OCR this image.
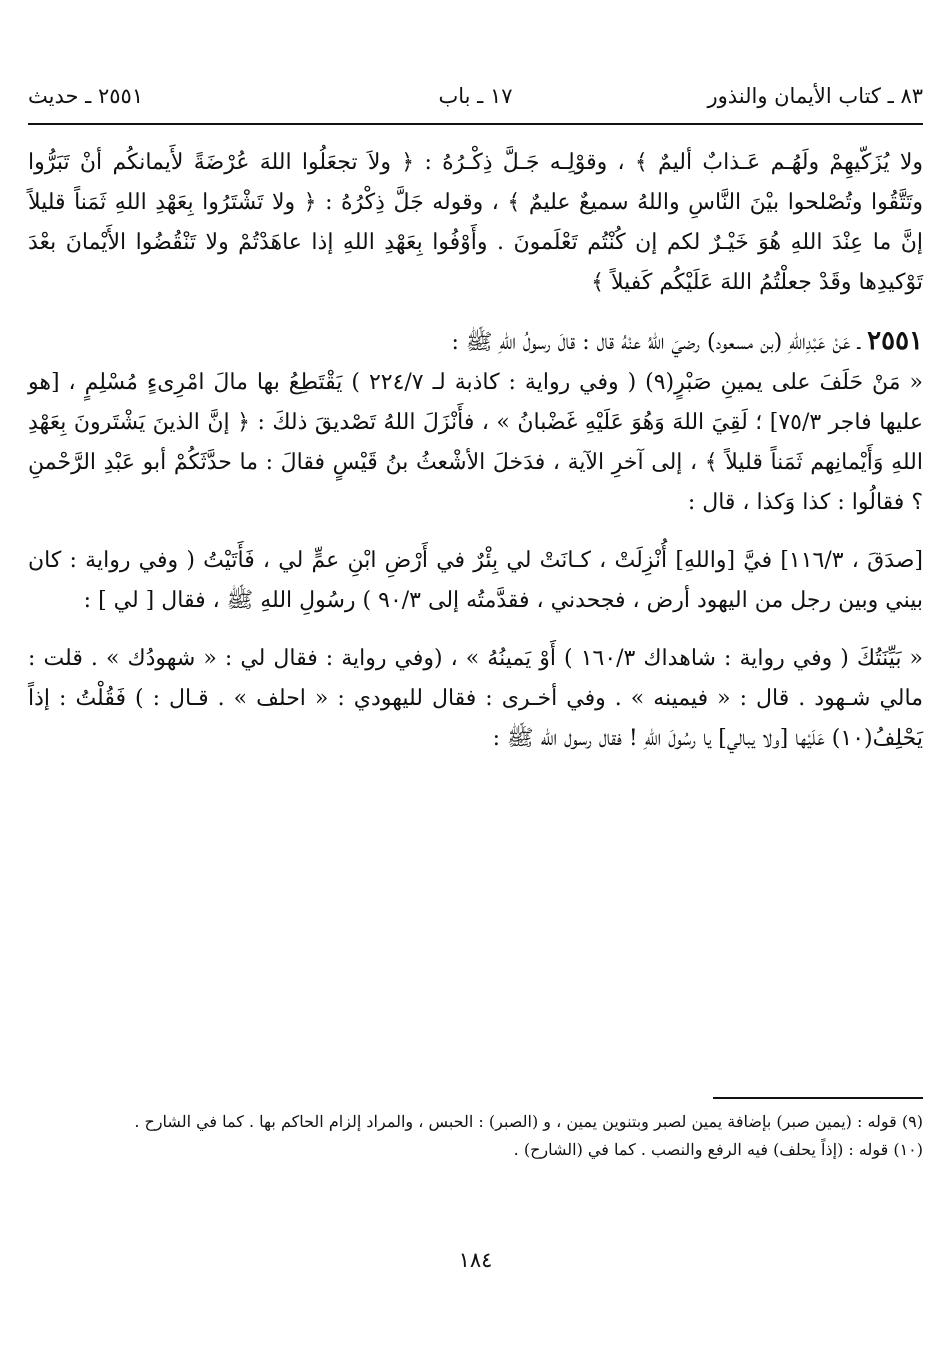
٨٣ ـ كتاب الأيمان والنذور
١٧ ـ باب
٢٥٥١ ـ حديث

ولا يُزَكّيهِمْ ولَهُـم عَـذابٌ أليمٌ ﴾ ، وقوْلِـه جَـلَّ ذِكْـرُهُ : ﴿ ولاَ تجعَلُوا اللهَ عُرْضَةً لأَيمانكُم أنْ تَبَرُّوا وتَتَّقُوا وتُصْلحوا بيْنَ النَّاسِ واللهُ سميعٌ عليمٌ ﴾ ، وقوله جَلَّ ذِكْرُهُ : ﴿ ولا تَشْتَرُوا بِعَهْدِ اللهِ ثَمَناً قليلاً إنَّ ما عِنْدَ اللهِ هُوَ خَيْـرٌ لكم إن كُنْتُم تَعْلَمونَ . وأَوْفُوا بِعَهْدِ اللهِ إذا عاهَدْتُمْ ولا تَنْقُضُوا الأَيْمانَ بعْدَ تَوْكيدِها وقَدْ جعلْتُمُ اللهَ عَلَيْكُم كَفيلاً ﴾

٢٥٥١ ـ عَنْ عَبْدِاللهِ (بن مسعود) رضيَ اللهُ عنْهُ قال : قالَ رسولُ اللهِ ﷺ :

« مَنْ حَلَفَ على يمينِ صَبْرٍ(٩) ( وفي رواية : كاذبة لـ ٢٢٤/٧ ) يَقْتَطِعُ بها مالَ امْرِىءٍ مُسْلِمٍ ، [هو عليها فاجر ٧٥/٣] ؛ لَقِيَ اللهَ وَهُوَ عَلَيْهِ غَضْبانُ » ، فأَنْزَلَ اللهُ تَصْديقَ ذلكَ : ﴿ إنَّ الذينَ يَشْتَرونَ بِعَهْدِ اللهِ وَأَيْمانِهم ثَمَناً قليلاً ﴾ ، إلى آخرِ الآية ، فدَخلَ الأشْعثُ بنُ قَيْسٍ فقالَ : ما حدَّثَكُمْ أبو عَبْدِ الرَّحْمنِ ؟ فقالُوا : كذا وَكذا ، قال :

[صدَقَ ، ١١٦/٣] فيَّ [واللهِ] أُنْزِلَتْ ، كـانَتْ لي بِئْرٌ في أَرْضِ ابْنِ عمٍّ لي ، فَأَتَيْتُ ( وفي رواية : كان بيني وبين رجل من اليهود أرض ، فجحدني ، فقدَّمتُه إلى ٩٠/٣ ) رسُولِ اللهِ ﷺ ، فقال [ لي ] :

« بَيِّنَتُكَ ( وفي رواية : شاهداك ١٦٠/٣ ) أَوْ يَمينُهُ » ، (وفي رواية : فقال لي : « شهودُك » . قلت : مالي شـهود . قال : « فيمينه » . وفي أخـرى : فقال لليهودي : « احلف » . قـال : ) فَقُلْتُ : إذاً يَحْلِفُ(١٠) عَلَيْها [ولا يبالي] يا رسُولَ اللهِ ! فقال رسول الله ﷺ :

(٩) قوله : (يمين صبر) بإضافة يمين لصبر وبتنوين يمين ، و (الصبر) : الحبس ، والمراد إلزام الحاكم بها . كما في الشارح .

(١٠) قوله : (إذاً يحلف) فيه الرفع والنصب . كما في (الشارح) .

١٨٤
